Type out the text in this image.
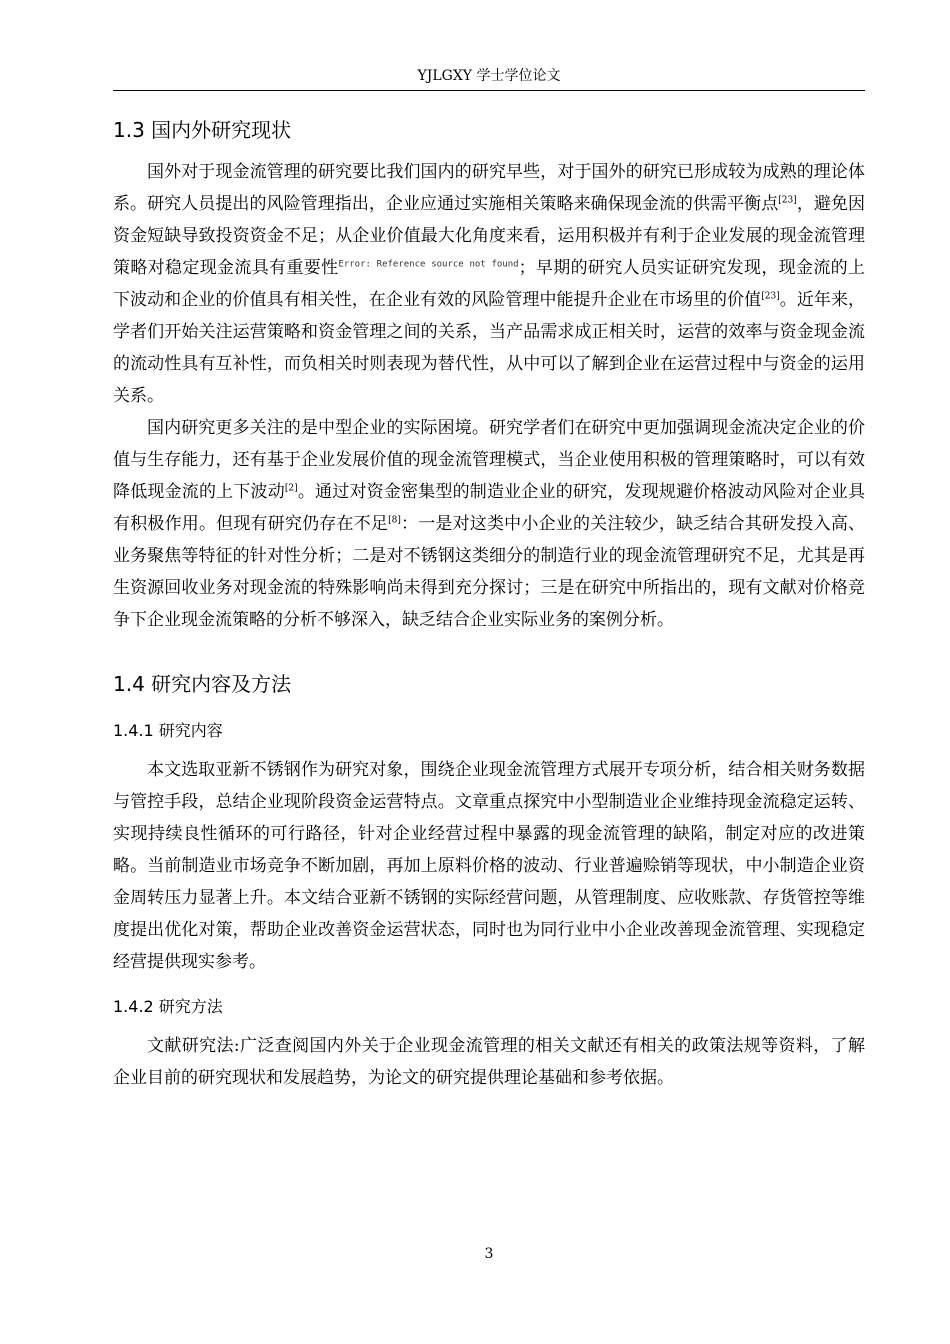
YJLGXY 学士学位论文
1.3 国内外研究现状

国外对于现金流管理的研究要比我们国内的研究早些，对于国外的研究已形成较为成熟的理论体系。研究人员提出的风险管理指出，企业应通过实施相关策略来确保现金流的供需平衡点[23]，避免因资金短缺导致投资资金不足；从企业价值最大化角度来看，运用积极并有利于企业发展的现金流管理策略对稳定现金流具有重要性$^{Error: Reference source not found}$；早期的研究人员实证研究发现，现金流的上下波动和企业的价值具有相关性，在企业有效的风险管理中能提升企业在市场里的价值[23]。近年来，学者们开始关注运营策略和资金管理之间的关系，当产品需求成正相关时，运营的效率与资金现金流的流动性具有互补性，而负相关时则表现为替代性，从中可以了解到企业在运营过程中与资金的运用关系。

国内研究更多关注的是中型企业的实际困境。研究学者们在研究中更加强调现金流决定企业的价值与生存能力，还有基于企业发展价值的现金流管理模式，当企业使用积极的管理策略时，可以有效降低现金流的上下波动[2]。通过对资金密集型的制造业企业的研究，发现规避价格波动风险对企业具有积极作用。但现有研究仍存在不足[8]：一是对这类中小企业的关注较少，缺乏结合其研发投入高、业务聚焦等特征的针对性分析；二是对不锈钢这类细分的制造行业的现金流管理研究不足，尤其是再生资源回收业务对现金流的特殊影响尚未得到充分探讨；三是在研究中所指出的，现有文献对价格竞争下企业现金流策略的分析不够深入，缺乏结合企业实际业务的案例分析。

1.4 研究内容及方法
1.4.1 研究内容

本文选取亚新不锈钢作为研究对象，围绕企业现金流管理方式展开专项分析，结合相关财务数据与管控手段，总结企业现阶段资金运营特点。文章重点探究中小型制造业企业维持现金流稳定运转、实现持续良性循环的可行路径，针对企业经营过程中暴露的现金流管理的缺陷，制定对应的改进策略。当前制造业市场竞争不断加剧，再加上原料价格的波动、行业普遍赊销等现状，中小制造企业资金周转压力显著上升。本文结合亚新不锈钢的实际经营问题，从管理制度、应收账款、存货管控等维度提出优化对策，帮助企业改善资金运营状态，同时也为同行业中小企业改善现金流管理、实现稳定经营提供现实参考。

1.4.2 研究方法

文献研究法:广泛查阅国内外关于企业现金流管理的相关文献还有相关的政策法规等资料，了解企业目前的研究现状和发展趋势，为论文的研究提供理论基础和参考依据。

3
